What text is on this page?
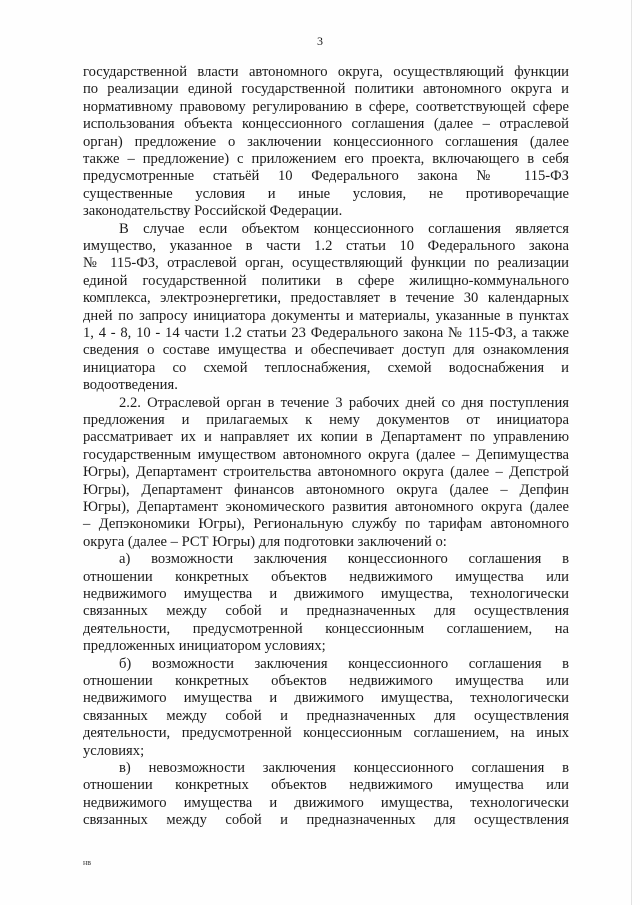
3
государственной власти автономного округа, осуществляющий функции
по реализации единой государственной политики автономного округа и
нормативному правовому регулированию в сфере, соответствующей сфере
использования объекта концессионного соглашения (далее – отраслевой
орган) предложение о заключении концессионного соглашения (далее
также – предложение) с приложением его проекта, включающего в себя
предусмотренные статьёй 10 Федерального закона № 115-ФЗ
существенные условия и иные условия, не противоречащие
законодательству Российской Федерации.
В случае если объектом концессионного соглашения является
имущество, указанное в части 1.2 статьи 10 Федерального закона
№ 115-ФЗ, отраслевой орган, осуществляющий функции по реализации
единой государственной политики в сфере жилищно-коммунального
комплекса, электроэнергетики, предоставляет в течение 30 календарных
дней по запросу инициатора документы и материалы, указанные в пунктах
1, 4 - 8, 10 - 14 части 1.2 статьи 23 Федерального закона № 115-ФЗ, а также
сведения о составе имущества и обеспечивает доступ для ознакомления
инициатора со схемой теплоснабжения, схемой водоснабжения и
водоотведения.
2.2. Отраслевой орган в течение 3 рабочих дней со дня поступления
предложения и прилагаемых к нему документов от инициатора
рассматривает их и направляет их копии в Департамент по управлению
государственным имуществом автономного округа (далее – Депимущества
Югры), Департамент строительства автономного округа (далее – Депстрой
Югры), Департамент финансов автономного округа (далее – Депфин
Югры), Департамент экономического развития автономного округа (далее
– Депэкономики Югры), Региональную службу по тарифам автономного
округа (далее – РСТ Югры) для подготовки заключений о:
а) возможности заключения концессионного соглашения в
отношении конкретных объектов недвижимого имущества или
недвижимого имущества и движимого имущества, технологически
связанных между собой и предназначенных для осуществления
деятельности, предусмотренной концессионным соглашением, на
предложенных инициатором условиях;
б) возможности заключения концессионного соглашения в
отношении конкретных объектов недвижимого имущества или
недвижимого имущества и движимого имущества, технологически
связанных между собой и предназначенных для осуществления
деятельности, предусмотренной концессионным соглашением, на иных
условиях;
в) невозможности заключения концессионного соглашения в
отношении конкретных объектов недвижимого имущества или
недвижимого имущества и движимого имущества, технологически
связанных между собой и предназначенных для осуществления
нв
